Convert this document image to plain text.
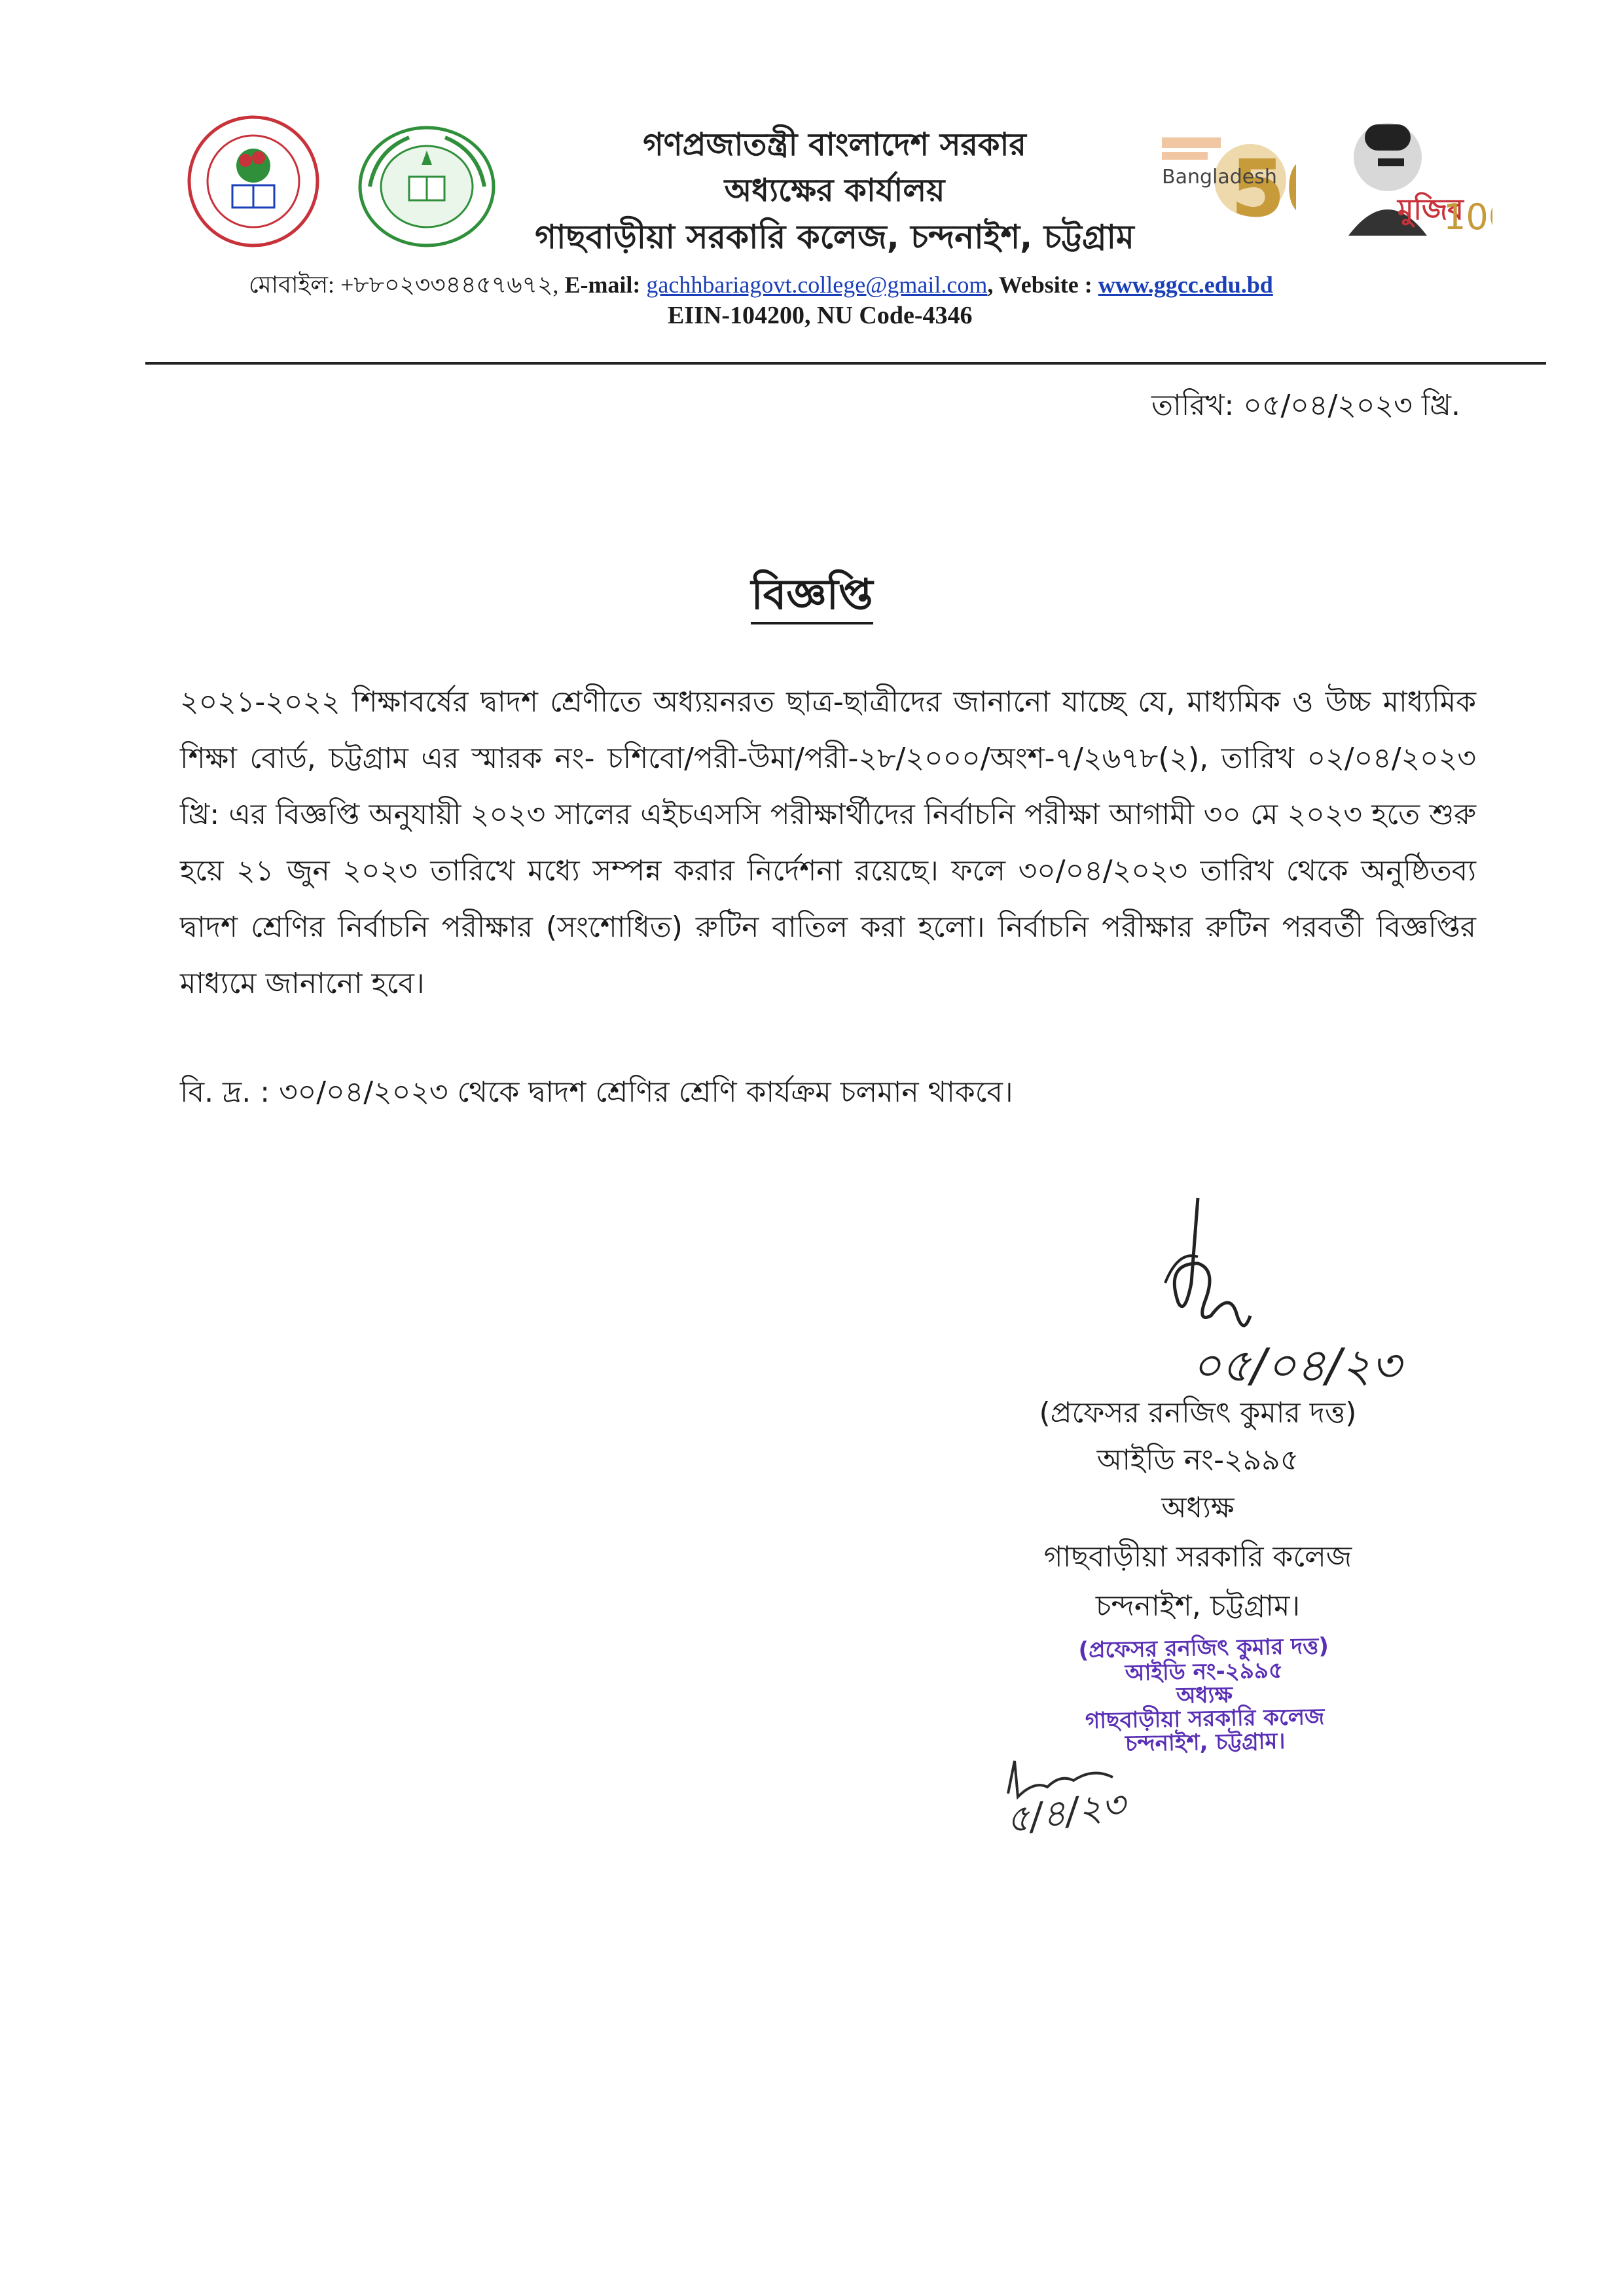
গণপ্রজাতন্ত্রী বাংলাদেশ সরকার
অধ্যক্ষের কার্যালয়
গাছবাড়ীয়া সরকারি কলেজ, চন্দনাইশ, চট্টগ্রাম
5
Bangladesh
মুজিব
10
মোবাইল: +৮৮০২৩৩৪৪৫৭৬৭২, E-mail: gachhbariagovt.college@gmail.com, Website : www.ggcc.edu.bd
EIIN-104200, NU Code-4346
তারিখ: ০৫/০৪/২০২৩ খ্রি.
বিজ্ঞপ্তি
২০২১-২০২২ শিক্ষাবর্ষের দ্বাদশ শ্রেণীতে অধ্যয়নরত ছাত্র-ছাত্রীদের জানানো যাচ্ছে যে, মাধ্যমিক ও উচ্চ মাধ্যমিক শিক্ষা বোর্ড, চট্টগ্রাম এর স্মারক নং- চশিবো/পরী-উমা/পরী-২৮/২০০০/অংশ-৭/২৬৭৮(২), তারিখ ০২/০৪/২০২৩ খ্রি: এর বিজ্ঞপ্তি অনুযায়ী ২০২৩ সালের এইচএসসি পরীক্ষার্থীদের নির্বাচনি পরীক্ষা আগামী ৩০ মে ২০২৩ হতে শুরু হয়ে ২১ জুন ২০২৩ তারিখে মধ্যে সম্পন্ন করার নির্দেশনা রয়েছে। ফলে ৩০/০৪/২০২৩ তারিখ থেকে অনুষ্ঠিতব্য দ্বাদশ শ্রেণির নির্বাচনি পরীক্ষার (সংশোধিত) রুটিন বাতিল করা হলো। নির্বাচনি পরীক্ষার রুটিন পরবর্তী বিজ্ঞপ্তির মাধ্যমে জানানো হবে।
বি. দ্র. : ৩০/০৪/২০২৩ থেকে দ্বাদশ শ্রেণির শ্রেণি কার্যক্রম চলমান থাকবে।
০৫/০৪/২৩
(প্রফেসর রনজিৎ কুমার দত্ত)
আইডি নং-২৯৯৫
অধ্যক্ষ
গাছবাড়ীয়া সরকারি কলেজ
চন্দনাইশ, চট্টগ্রাম।
(প্রফেসর রনজিৎ কুমার দত্ত)
আইডি নং-২৯৯৫
অধ্যক্ষ
গাছবাড়ীয়া সরকারি কলেজ
চন্দনাইশ, চট্টগ্রাম।
৫/৪/২৩
